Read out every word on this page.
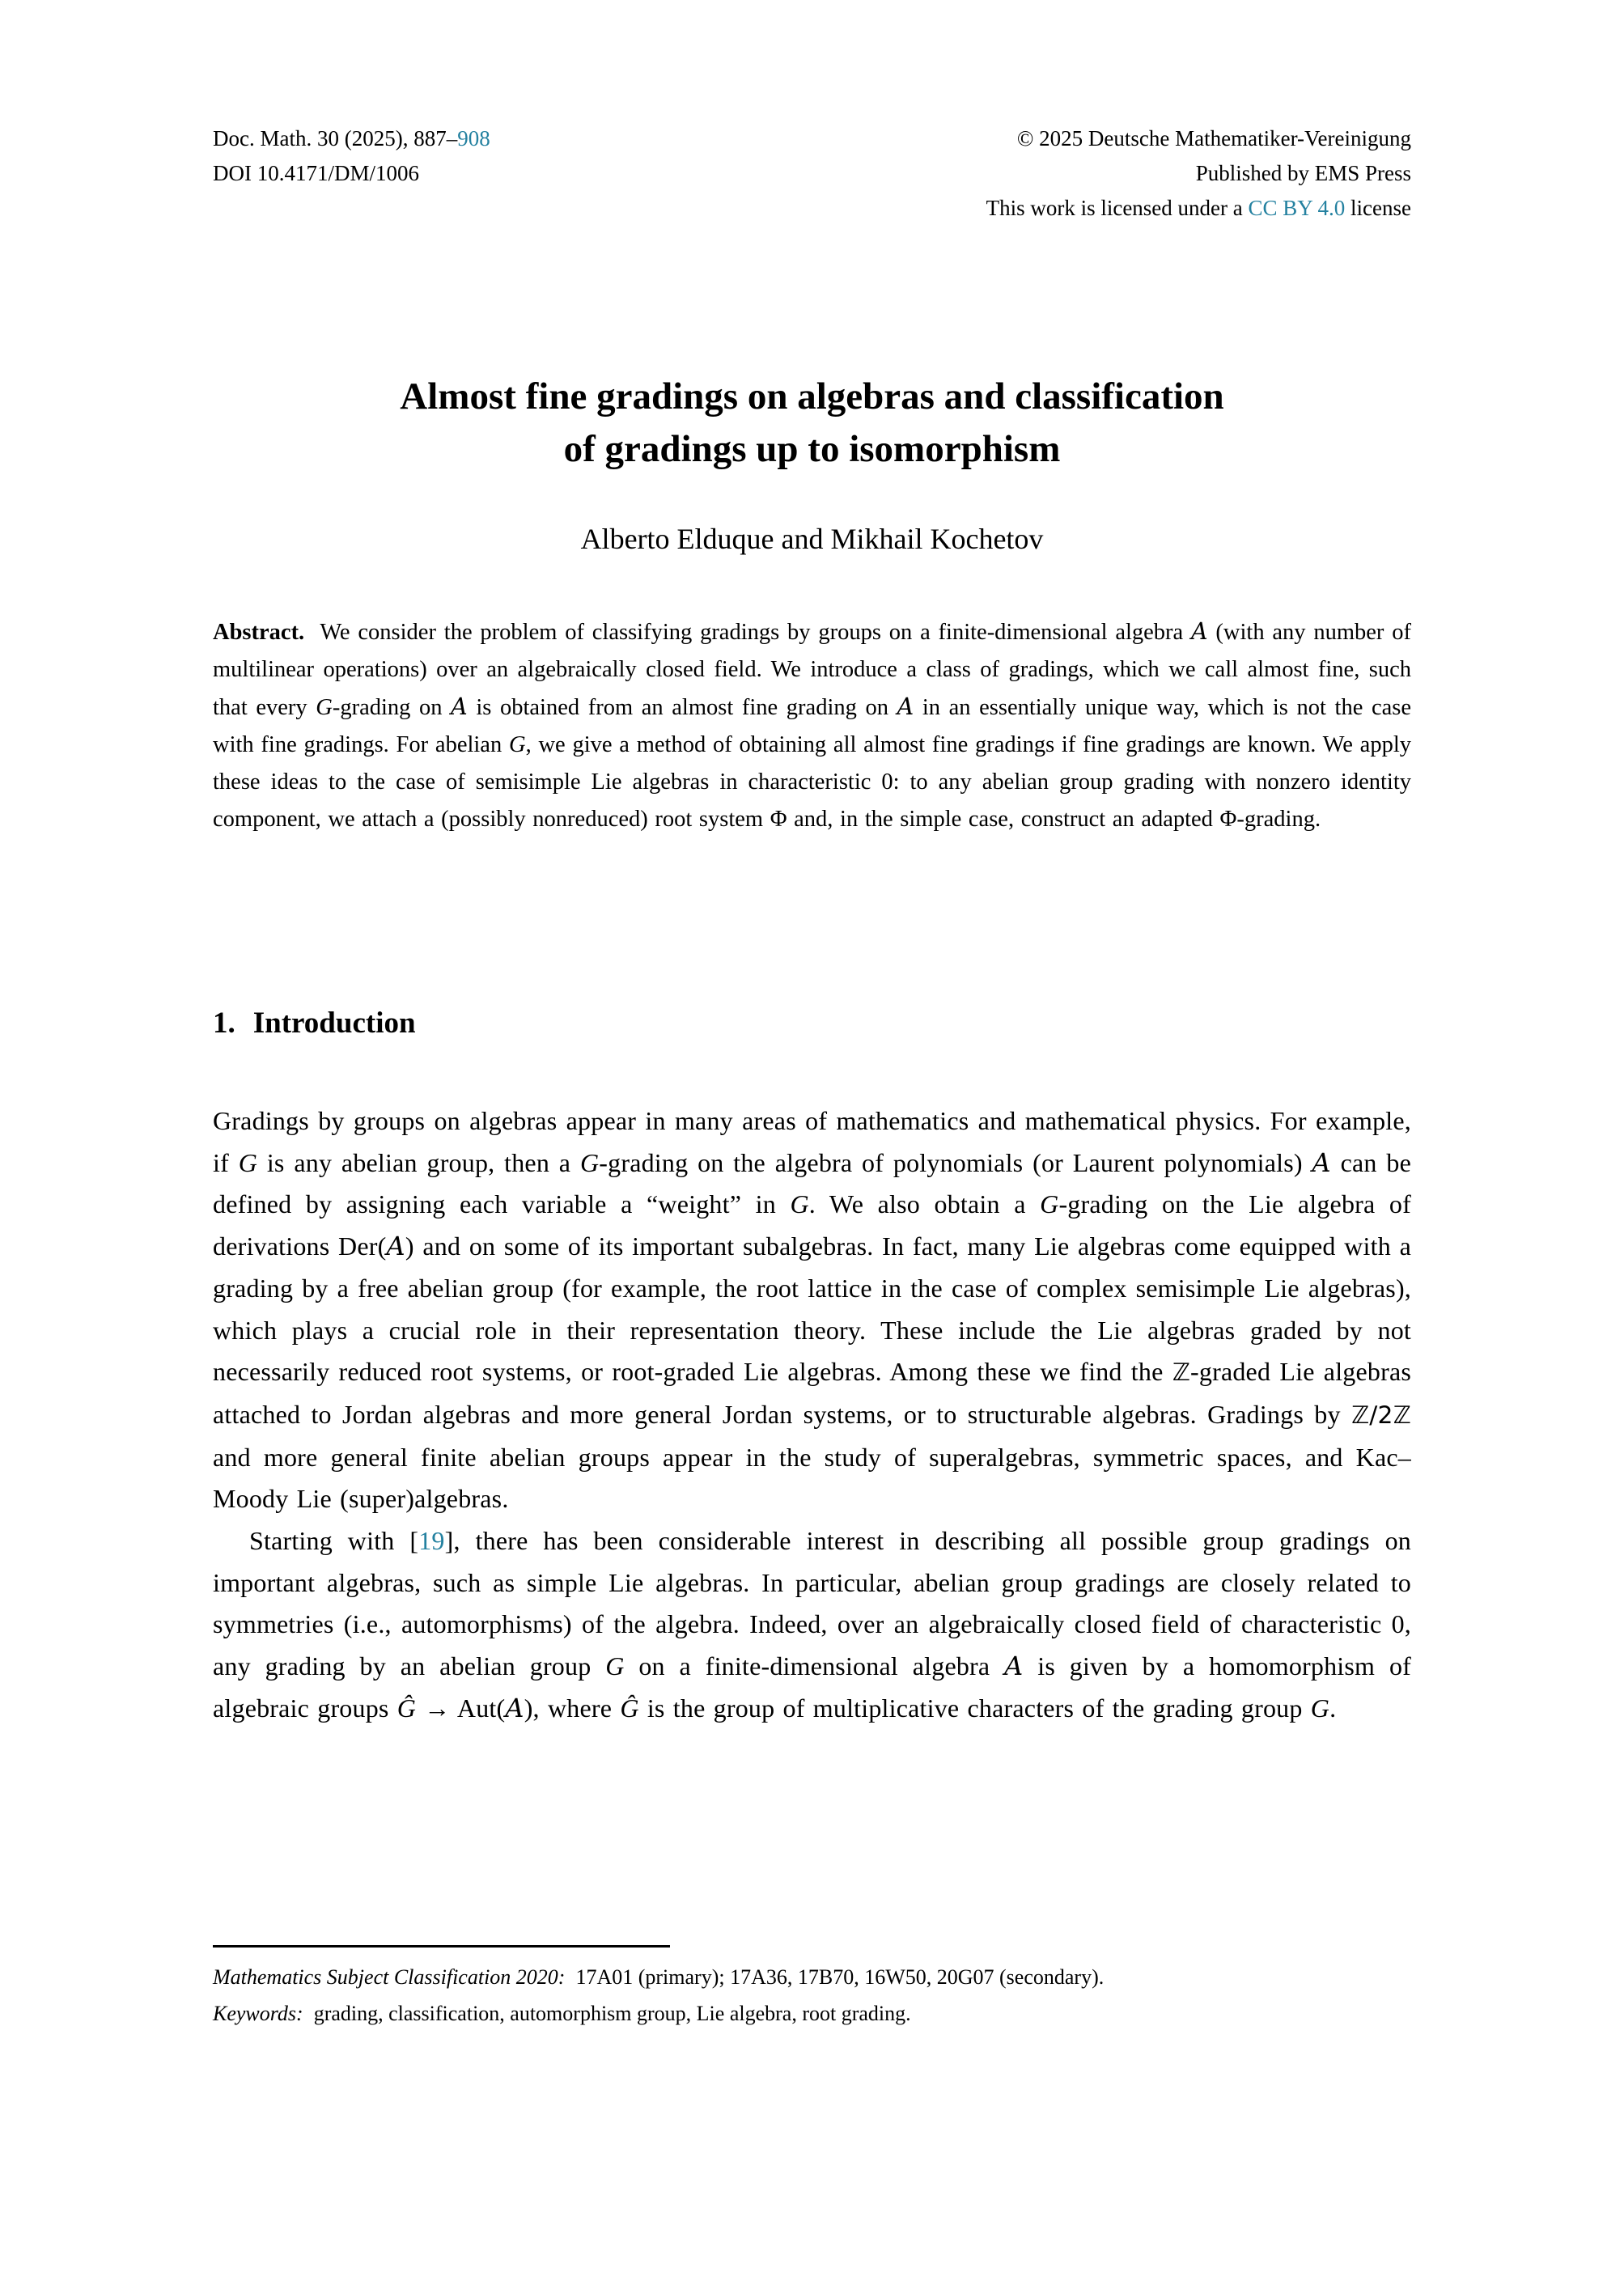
Doc. Math. 30 (2025), 887–908
DOI 10.4171/DM/1006
© 2025 Deutsche Mathematiker-Vereinigung
Published by EMS Press
This work is licensed under a CC BY 4.0 license
Almost fine gradings on algebras and classification
of gradings up to isomorphism
Alberto Elduque and Mikhail Kochetov

Abstract.  We consider the problem of classifying gradings by groups on a finite-dimensional algebra A (with any number of multilinear operations) over an algebraically closed field. We introduce a class of gradings, which we call almost fine, such that every G-grading on A is obtained from an almost fine grading on A in an essentially unique way, which is not the case with fine gradings. For abelian G, we give a method of obtaining all almost fine gradings if fine gradings are known. We apply these ideas to the case of semisimple Lie algebras in characteristic 0: to any abelian group grading with nonzero identity component, we attach a (possibly nonreduced) root system Φ and, in the simple case, construct an adapted Φ-grading.

1. Introduction

Gradings by groups on algebras appear in many areas of mathematics and mathematical physics. For example, if G is any abelian group, then a G-grading on the algebra of polynomials (or Laurent polynomials) A can be defined by assigning each variable a “weight” in G. We also obtain a G-grading on the Lie algebra of derivations Der(A) and on some of its important subalgebras. In fact, many Lie algebras come equipped with a grading by a free abelian group (for example, the root lattice in the case of complex semisimple Lie algebras), which plays a crucial role in their representation theory. These include the Lie algebras graded by not necessarily reduced root systems, or root-graded Lie algebras. Among these we find the ℤ-graded Lie algebras attached to Jordan algebras and more general Jordan systems, or to structurable algebras. Gradings by ℤ/2ℤ and more general finite abelian groups appear in the study of superalgebras, symmetric spaces, and Kac–Moody Lie (super)algebras.

Starting with [19], there has been considerable interest in describing all possible group gradings on important algebras, such as simple Lie algebras. In particular, abelian group gradings are closely related to symmetries (i.e., automorphisms) of the algebra. Indeed, over an algebraically closed field of characteristic 0, any grading by an abelian group G on a finite-dimensional algebra A is given by a homomorphism of algebraic groups Ĝ → Aut(A), where Ĝ is the group of multiplicative characters of the grading group G.

Mathematics Subject Classification 2020:  17A01 (primary); 17A36, 17B70, 16W50, 20G07 (secondary).
Keywords:  grading, classification, automorphism group, Lie algebra, root grading.
